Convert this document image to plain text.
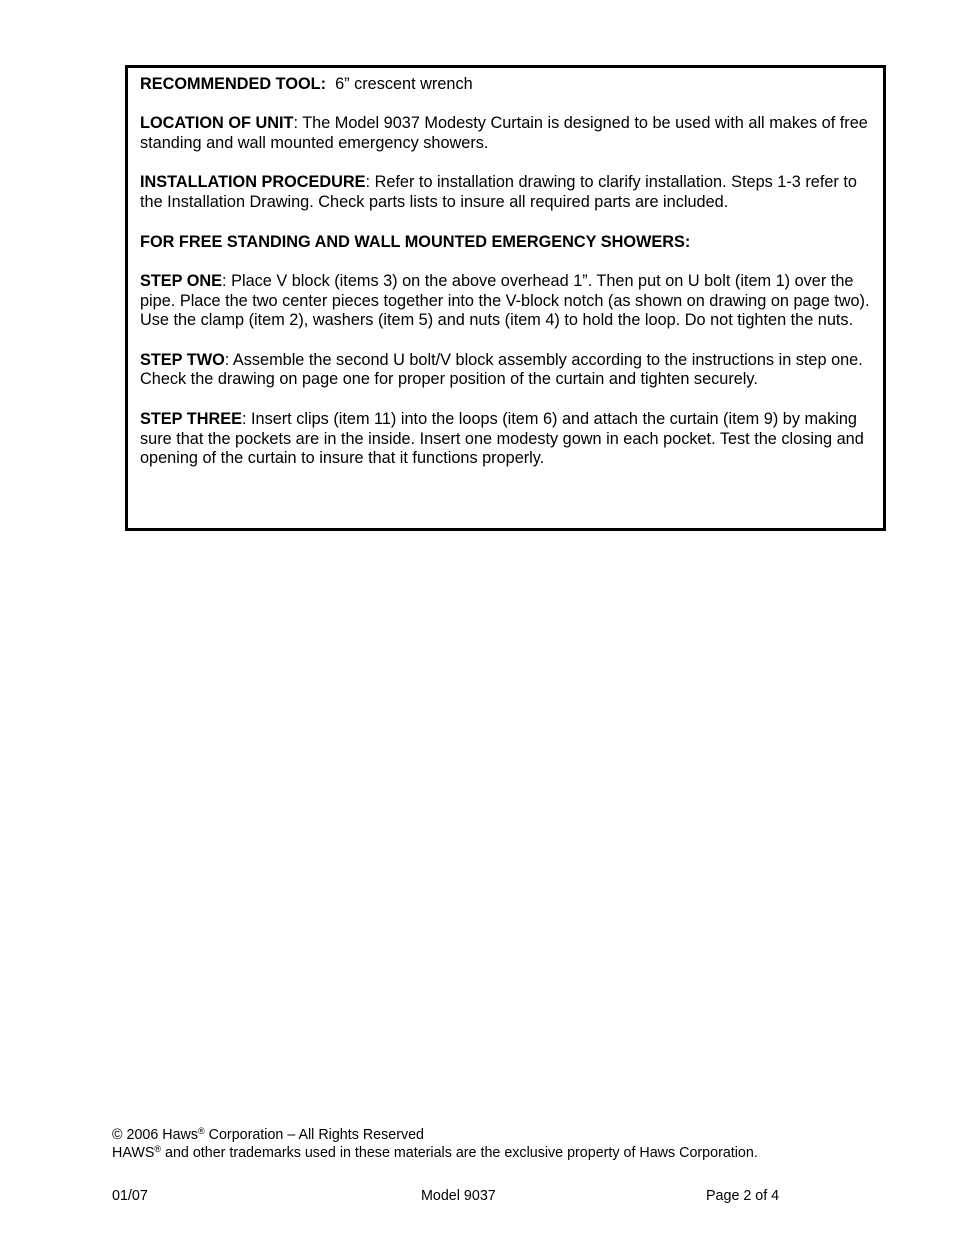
RECOMMENDED TOOL: 6” crescent wrench

LOCATION OF UNIT: The Model 9037 Modesty Curtain is designed to be used with all makes of free standing and wall mounted emergency showers.

INSTALLATION PROCEDURE: Refer to installation drawing to clarify installation. Steps 1-3 refer to the Installation Drawing. Check parts lists to insure all required parts are included.

FOR FREE STANDING AND WALL MOUNTED EMERGENCY SHOWERS:

STEP ONE: Place V block (items 3) on the above overhead 1”. Then put on U bolt (item 1) over the pipe. Place the two center pieces together into the V-block notch (as shown on drawing on page two). Use the clamp (item 2), washers (item 5) and nuts (item 4) to hold the loop. Do not tighten the nuts.

STEP TWO: Assemble the second U bolt/V block assembly according to the instructions in step one. Check the drawing on page one for proper position of the curtain and tighten securely.

STEP THREE: Insert clips (item 11) into the loops (item 6) and attach the curtain (item 9) by making sure that the pockets are in the inside. Insert one modesty gown in each pocket. Test the closing and opening of the curtain to insure that it functions properly.

© 2006 Haws® Corporation – All Rights Reserved
HAWS® and other trademarks used in these materials are the exclusive property of Haws Corporation.
01/07	Model 9037	Page 2 of 4
